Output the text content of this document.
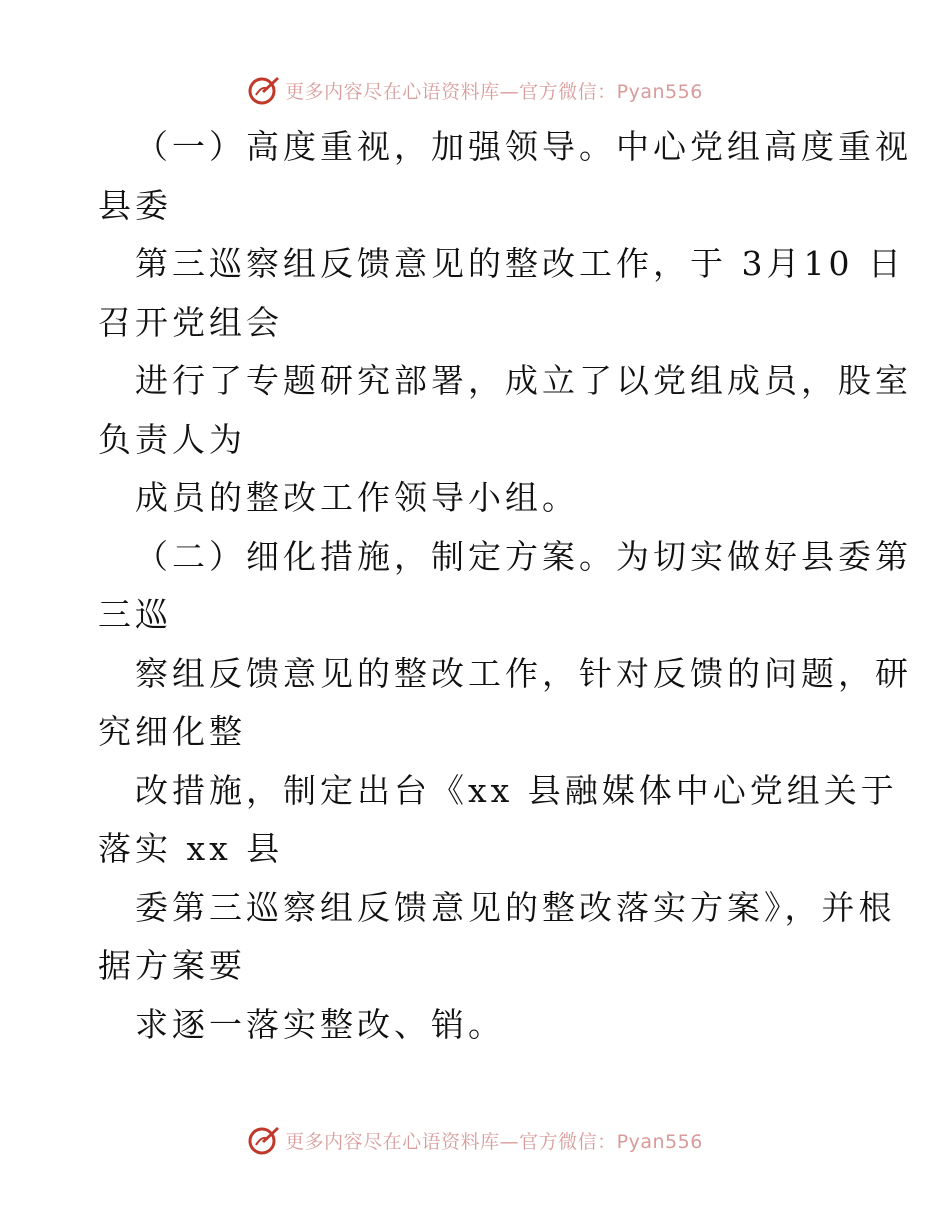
更多内容尽在心语资料库—官方微信：Pyan556
（一）高度重视，加强领导。中心党组高度重视
县委
第三巡察组反馈意见的整改工作，于 3月10 日
召开党组会
进行了专题研究部署，成立了以党组成员，股室
负责人为
成员的整改工作领导小组。
（二）细化措施，制定方案。为切实做好县委第
三巡
察组反馈意见的整改工作，针对反馈的问题，研
究细化整
改措施，制定出台《xx 县融媒体中心党组关于
落实 xx 县
委第三巡察组反馈意见的整改落实方案》，并根
据方案要
求逐一落实整改、销。
更多内容尽在心语资料库—官方微信：Pyan556
